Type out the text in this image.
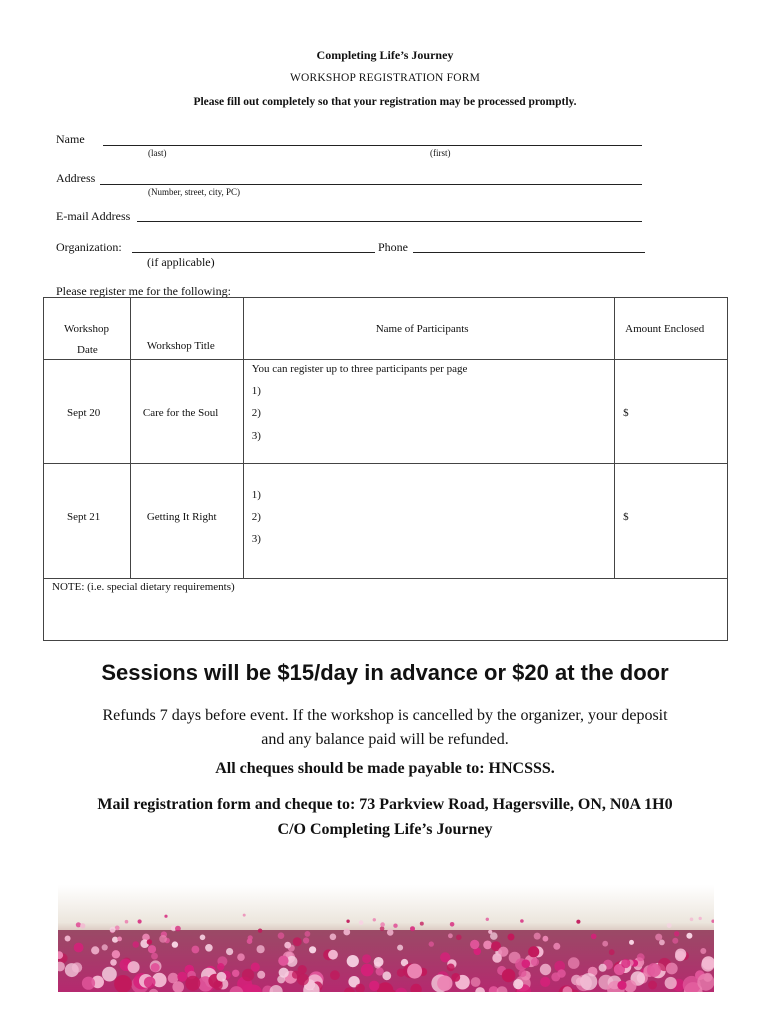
Completing Life’s Journey
WORKSHOP REGISTRATION FORM
Please fill out completely so that your registration may be processed promptly.
Name
(last)	(first)
Address
(Number, street, city, PC)
E-mail Address
Organization:	Phone
(if applicable)
Please register me for the following:
Workshop
Date	Workshop Title	Name of Participants	Amount Enclosed

Sept 20	Care for the Soul	You can register up to three participants per page
1)
2)
3)	$

Sept 21	Getting It Right	1)
2)
3)	$

NOTE: (i.e. special dietary requirements)			
Sessions will be $15/day in advance or $20 at the door
Refunds 7 days before event. If the workshop is cancelled by the organizer, your deposit
and any balance paid will be refunded.
All cheques should be made payable to: HNCSSS.
Mail registration form and cheque to: 73 Parkview Road, Hagersville, ON, N0A 1H0
C/O Completing Life’s Journey
